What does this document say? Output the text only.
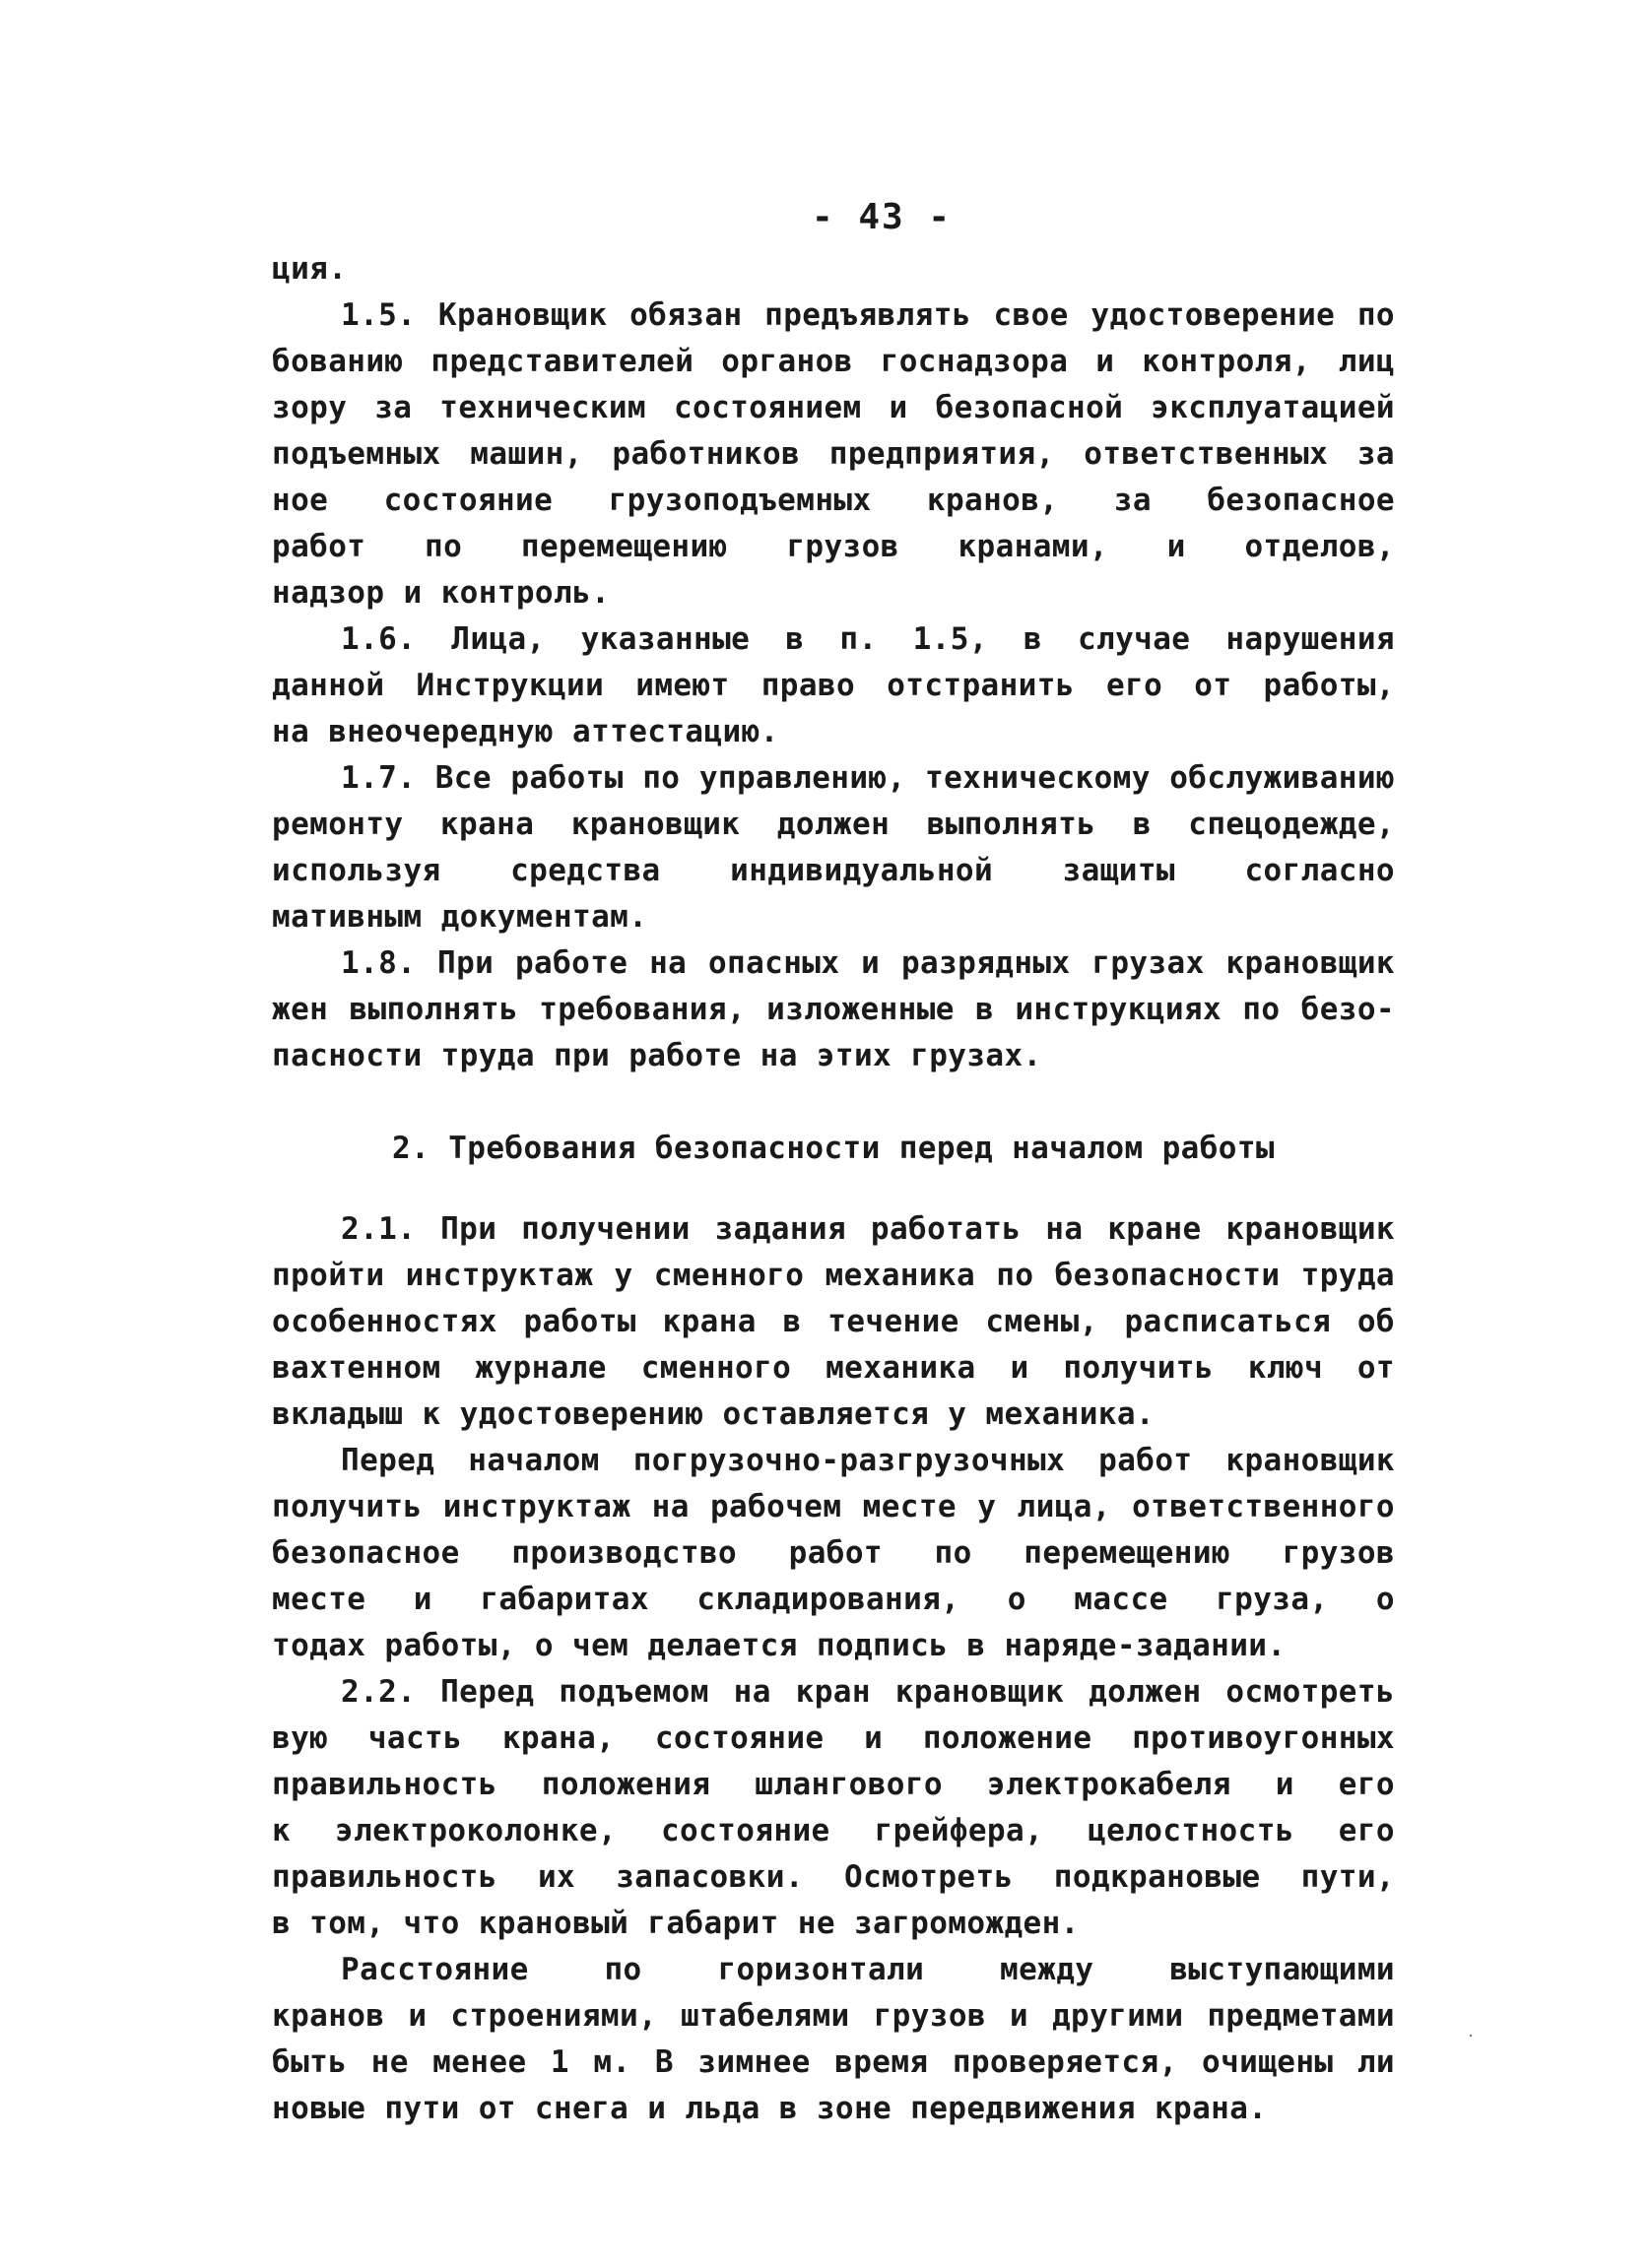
- 43 -
ция.
1.5. Крановщик обязан предъявлять свое удостоверение по
бованию представителей органов госнадзора и контроля, лиц
зору за техническим состоянием и безопасной эксплуатацией
подъемных машин, работников предприятия, ответственных за
ное состояние грузоподъемных кранов, за безопасное
работ по перемещению грузов кранами, и отделов,
надзор и контроль.
1.6. Лица, указанные в п. 1.5, в случае нарушения
данной Инструкции имеют право отстранить его от работы,
на внеочередную аттестацию.
1.7. Все работы по управлению, техническому обслуживанию
ремонту крана крановщик должен выполнять в спецодежде,
используя средства индивидуальной защиты согласно
мативным документам.
1.8. При работе на опасных и разрядных грузах крановщик
жен выполнять требования, изложенные в инструкциях по безо-
пасности труда при работе на этих грузах.
2. Требования безопасности перед началом работы
2.1. При получении задания работать на кране крановщик
пройти инструктаж у сменного механика по безопасности труда
особенностях работы крана в течение смены, расписаться об
вахтенном журнале сменного механика и получить ключ от
вкладыш к удостоверению оставляется у механика.
Перед началом погрузочно-разгрузочных работ крановщик
получить инструктаж на рабочем месте у лица, ответственного
безопасное производство работ по перемещению грузов
месте и габаритах складирования, о массе груза, о
тодах работы, о чем делается подпись в наряде-задании.
2.2. Перед подъемом на кран крановщик должен осмотреть
вую часть крана, состояние и положение противоугонных
правильность положения шлангового электрокабеля и его
к электроколонке, состояние грейфера, целостность его
правильность их запасовки. Осмотреть подкрановые пути,
в том, что крановый габарит не загроможден.
Расстояние по горизонтали между выступающими
кранов и строениями, штабелями грузов и другими предметами
быть не менее 1 м. В зимнее время проверяется, очищены ли
новые пути от снега и льда в зоне передвижения крана.
